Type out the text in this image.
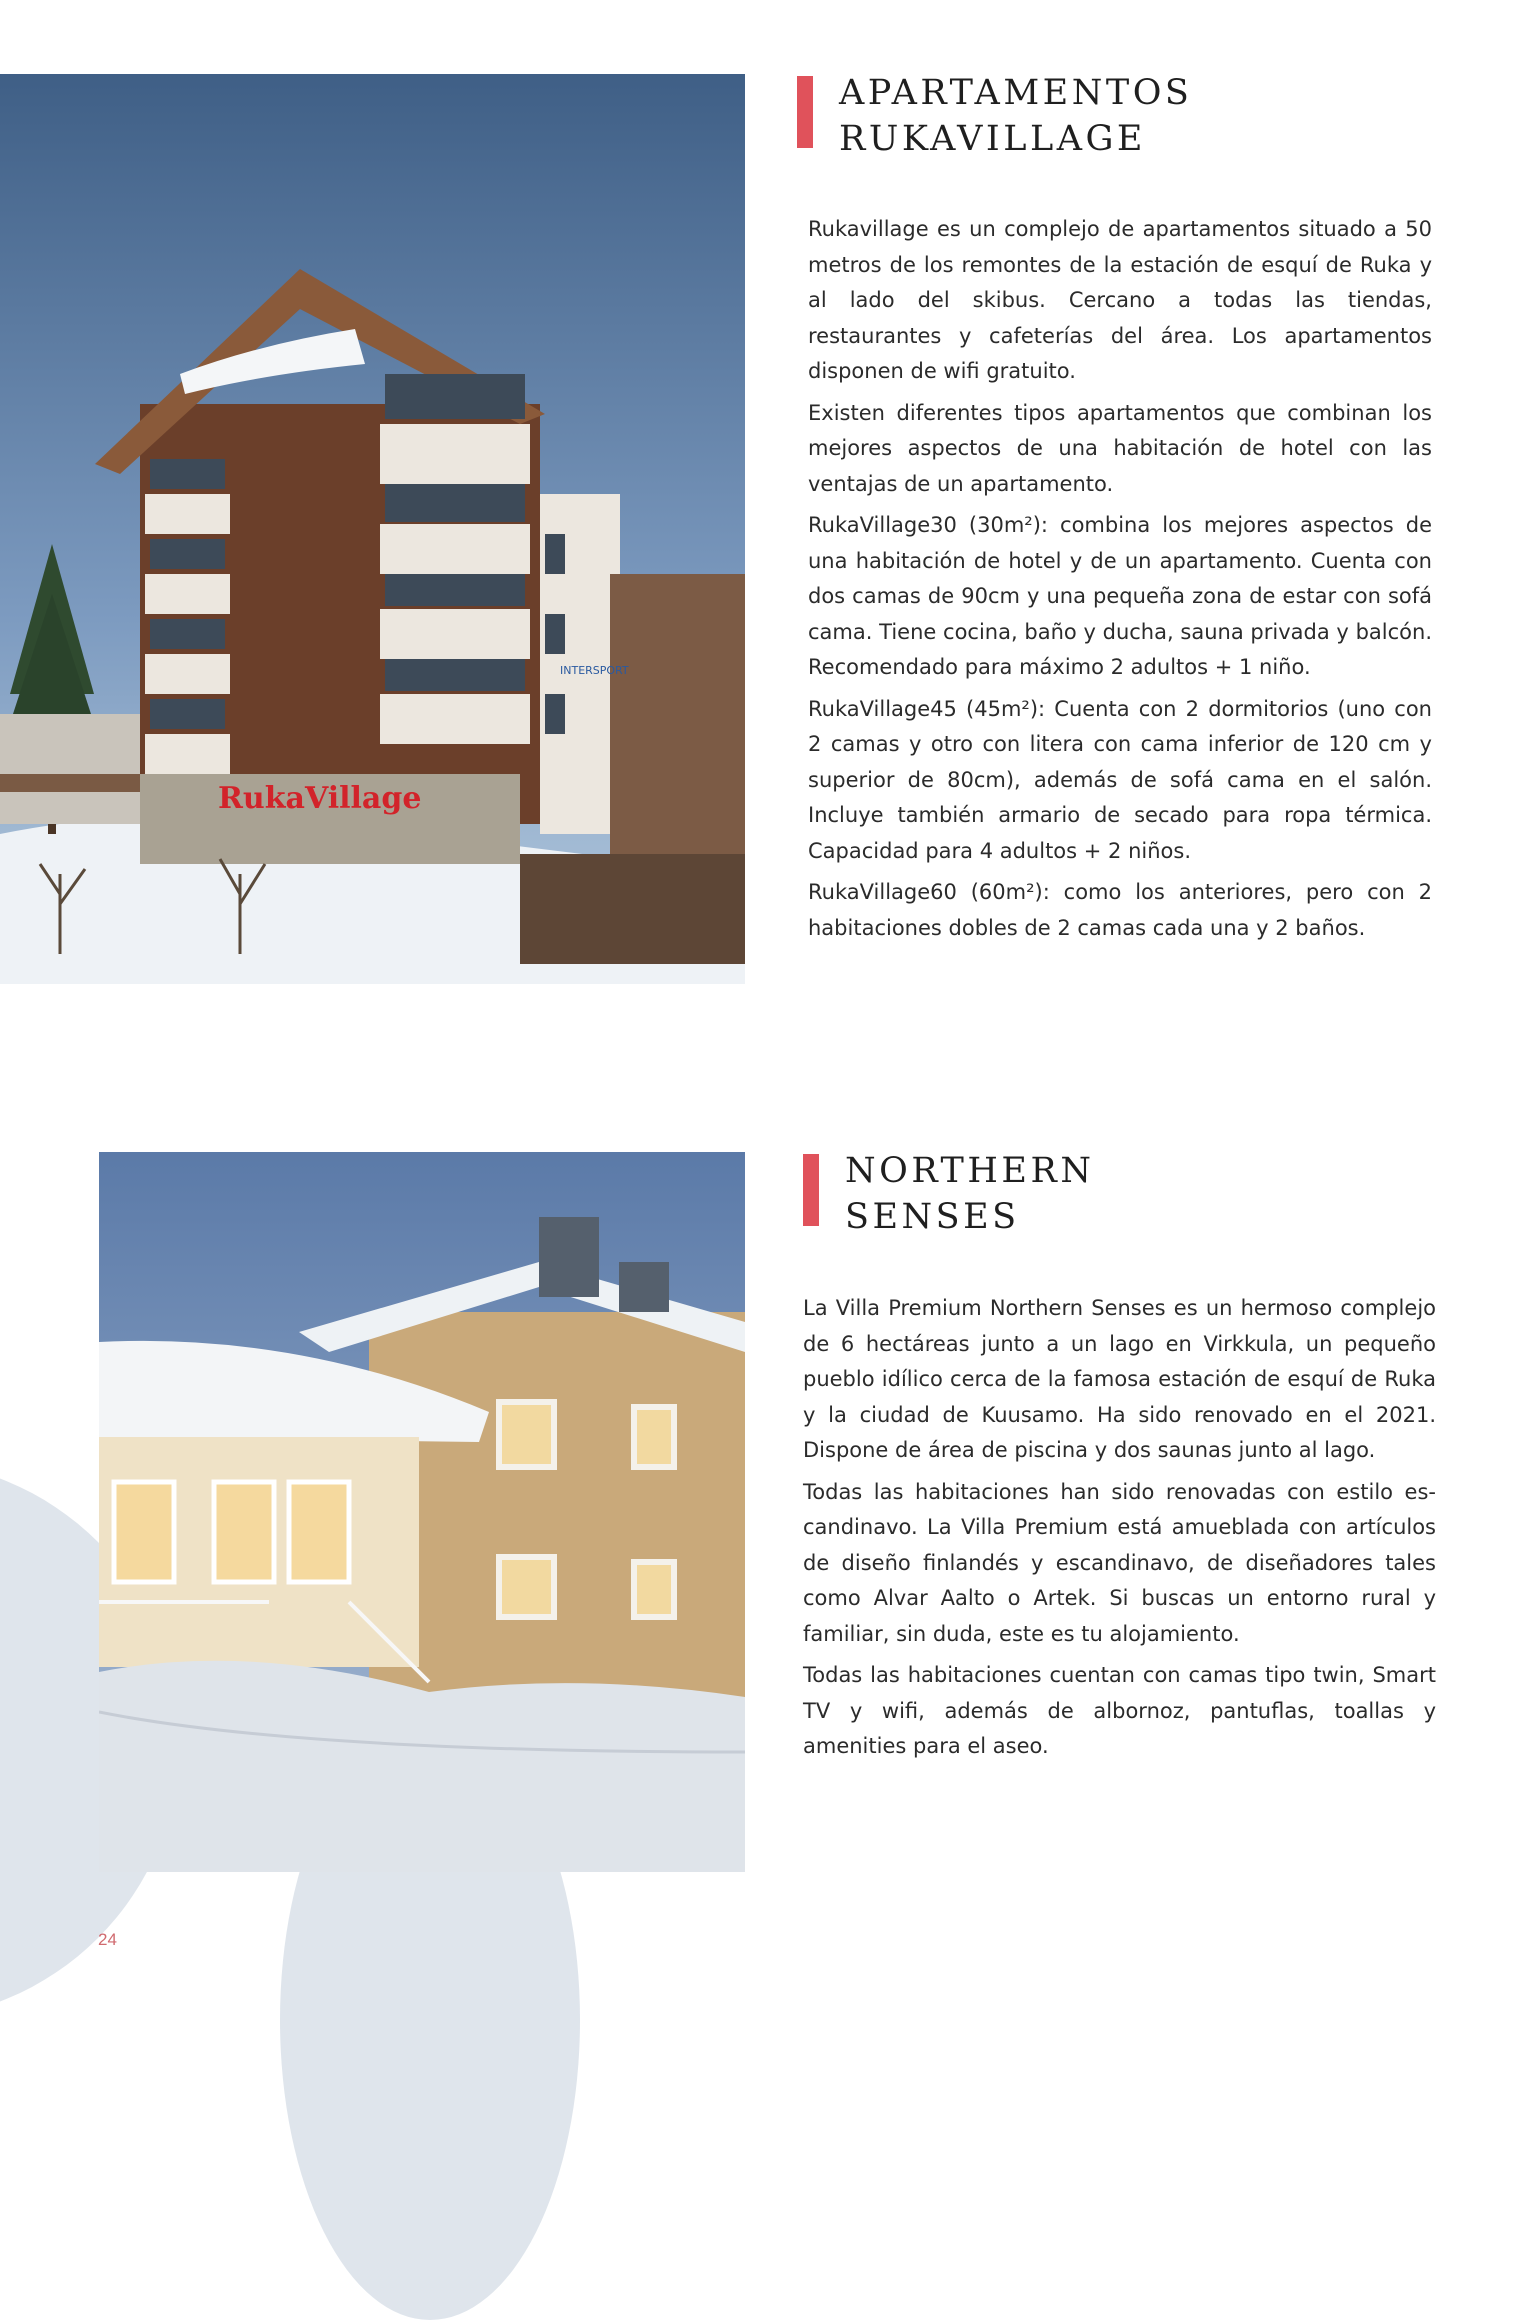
RukaVillage
INTERSPORT
APARTAMENTOS
RUKAVILLAGE

Rukavillage es un complejo de apartamentos situado a 50 metros de los remontes de la estación de esquí de Ruka y al lado del skibus. Cercano a todas las tiendas, restaurantes y cafeterías del área. Los apartamentos disponen de wifi gratuito.

Existen diferentes tipos apartamentos que combinan los mejores aspectos de una habitación de hotel con las ventajas de un apartamento.

RukaVillage30 (30m²): combina los mejores aspectos de una habitación de hotel y de un apartamento. Cuenta con dos camas de 90cm y una pequeña zona de estar con sofá cama. Tiene cocina, baño y ducha, sauna privada y balcón. Recomendado para máximo 2 adultos + 1 niño.

RukaVillage45 (45m²): Cuenta con 2 dormitorios (uno con 2 camas y otro con litera con cama inferior de 120 cm y superior de 80cm), además de sofá cama en el salón. Incluye también armario de secado para ropa térmica. Capacidad para 4 adultos + 2 niños.

RukaVillage60 (60m²): como los anteriores, pero con 2 habitaciones dobles de 2 camas cada una y 2 baños.

NORTHERN
SENSES

La Villa Premium Northern Senses es un hermoso complejo de 6 hectáreas junto a un lago en Virkkula, un pequeño pueblo idílico cerca de la famosa estación de esquí de Ruka y la ciudad de Kuusamo. Ha sido renovado en el 2021. Dispone de área de piscina y dos saunas junto al lago.

Todas las habitaciones han sido renovadas con estilo escandinavo. La Villa Premium está amueblada con artículos de diseño finlandés y escandinavo, de diseñadores tales como Alvar Aalto o Artek. Si buscas un entorno rural y familiar, sin duda, este es tu alojamiento.

Todas las habitaciones cuentan con camas tipo twin, Smart TV y wifi, además de albornoz, pantuflas, toallas y amenities para el aseo.

24
